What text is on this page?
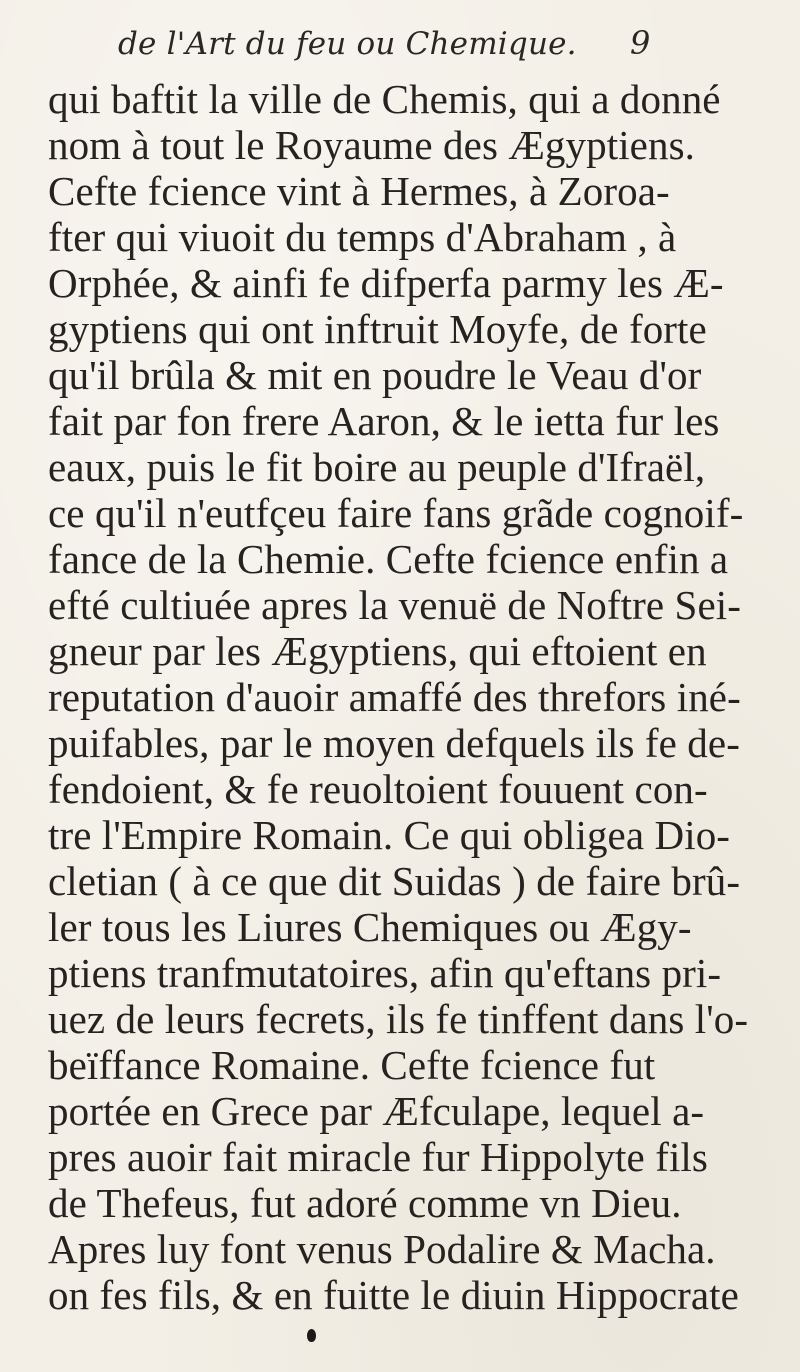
de l'Art du feu ou Chemique. 9
qui baftit la ville de Chemis, qui a donné
nom à tout le Royaume des Ægyptiens.
Cefte fcience vint à Hermes, à Zoroa-
fter qui viuoit du temps d'Abraham , à
Orphée, & ainfi fe difperfa parmy les Æ-
gyptiens qui ont inftruit Moyfe, de forte
qu'il brûla & mit en poudre le Veau d'or
fait par fon frere Aaron, & le ietta fur les
eaux, puis le fit boire au peuple d'Ifraël,
ce qu'il n'eutfçeu faire fans grãde cognoif-
fance de la Chemie. Cefte fcience enfin a
efté cultiuée apres la venuë de Noftre Sei-
gneur par les Ægyptiens, qui eftoient en
reputation d'auoir amaffé des threfors iné-
puifables, par le moyen defquels ils fe de-
fendoient, & fe reuoltoient fouuent con-
tre l'Empire Romain. Ce qui obligea Dio-
cletian ( à ce que dit Suidas ) de faire brû-
ler tous les Liures Chemiques ou Ægy-
ptiens tranfmutatoires, afin qu'eftans pri-
uez de leurs fecrets, ils fe tinffent dans l'o-
beïffance Romaine. Cefte fcience fut
portée en Grece par Æfculape, lequel a-
pres auoir fait miracle fur Hippolyte fils
de Thefeus, fut adoré comme vn Dieu.
Apres luy font venus Podalire & Macha.
on fes fils, & en fuitte le diuin Hippocrate
